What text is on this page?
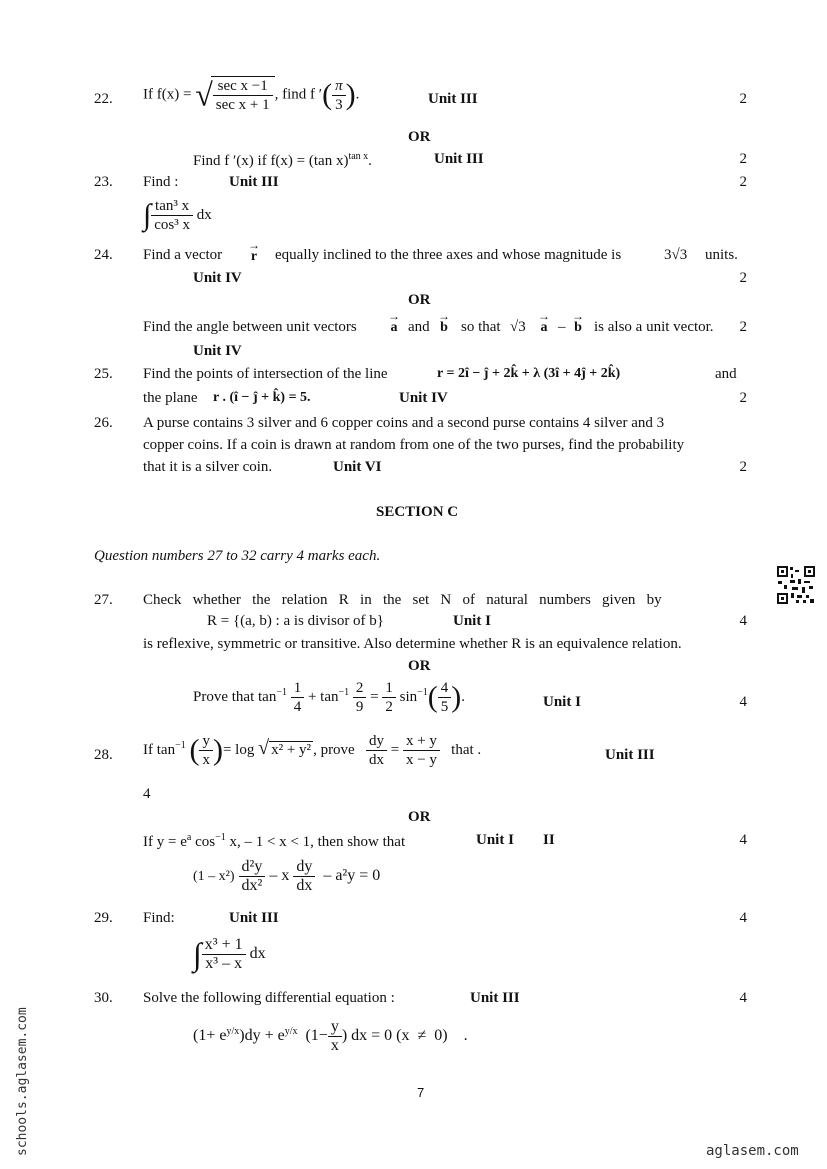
22. If f(x) = √
$\frac{\text{sec x −1}}{\text{sec x + 1}}$ , find f ′( $\frac{\pi}{3}$ ).	Unit III	2
OR
Find f ′(x) if f(x) = (tan x)$^{tan x}$.	Unit III	2
23. Find :	Unit III	2
∫ $\frac{\text{tan³ x}}{\text{cos³ x}}$ dx
24. Find a vector
→
r equally inclined to the three axes and whose magnitude is	3√3 units.
Unit IV	2
OR
Find the angle between unit vectors
→
a and
→
b so that √3
→
a –
→
b is also a unit vector.	2
Unit IV
25. Find the points of intersection of the line	r = 2î − ĵ + 2k̂ + λ (3î + 4ĵ + 2k̂)	and
the plane r . (î − ĵ + k̂) = 5.	Unit IV	2
26. A purse contains 3 silver and 6 copper coins and a second purse contains 4 silver and 3
copper coins. If a coin is drawn at random from one of the two purses, find the probability
that it is a silver coin.	Unit VI	2
SECTION C
Question numbers 27 to 32 carry 4 marks each.
27. Check   whether   the   relation   R   in   the   set   N   of   natural   numbers   given   by
R = {(a, b) : a is divisor of b}	Unit I	4
is reflexive, symmetric or transitive. Also determine whether R is an equivalence relation.
OR
Prove that $\tan^{-1} \frac{1}{4} + \tan^{-1} \frac{2}{9} = \frac{1}{2} \sin^{-1}( \frac{4}{5}$ ).	Unit I	4
28. If $\tan^{-1}$ ( $\frac{y}{x}$ )= log √ x² + y² , prove $\frac{dy}{dx} = \frac{x + y}{x - y}$ that .	Unit III
4
OR
If $y = e^a$ $\cos^{-1} x$, – 1 < x < 1, then show that	Unit I II	4
$(1 - x^2) \frac{\text{d²y}}{\text{dx²}} - x \frac{dy}{dx} - a^2y = 0$
29. Find:	Unit III	4
∫ $\frac{\text{x³ + 1}}{\text{x³ – x}}$ dx
30. Solve the following differential equation :	Unit III	4
$(1+ e^{y/x})dy + e^{y/x}$ ($1- \frac{y}{x}$ ) dx = 0 (x  ≠  0)    .
7
schools.aglasem.com	aglasem.com
